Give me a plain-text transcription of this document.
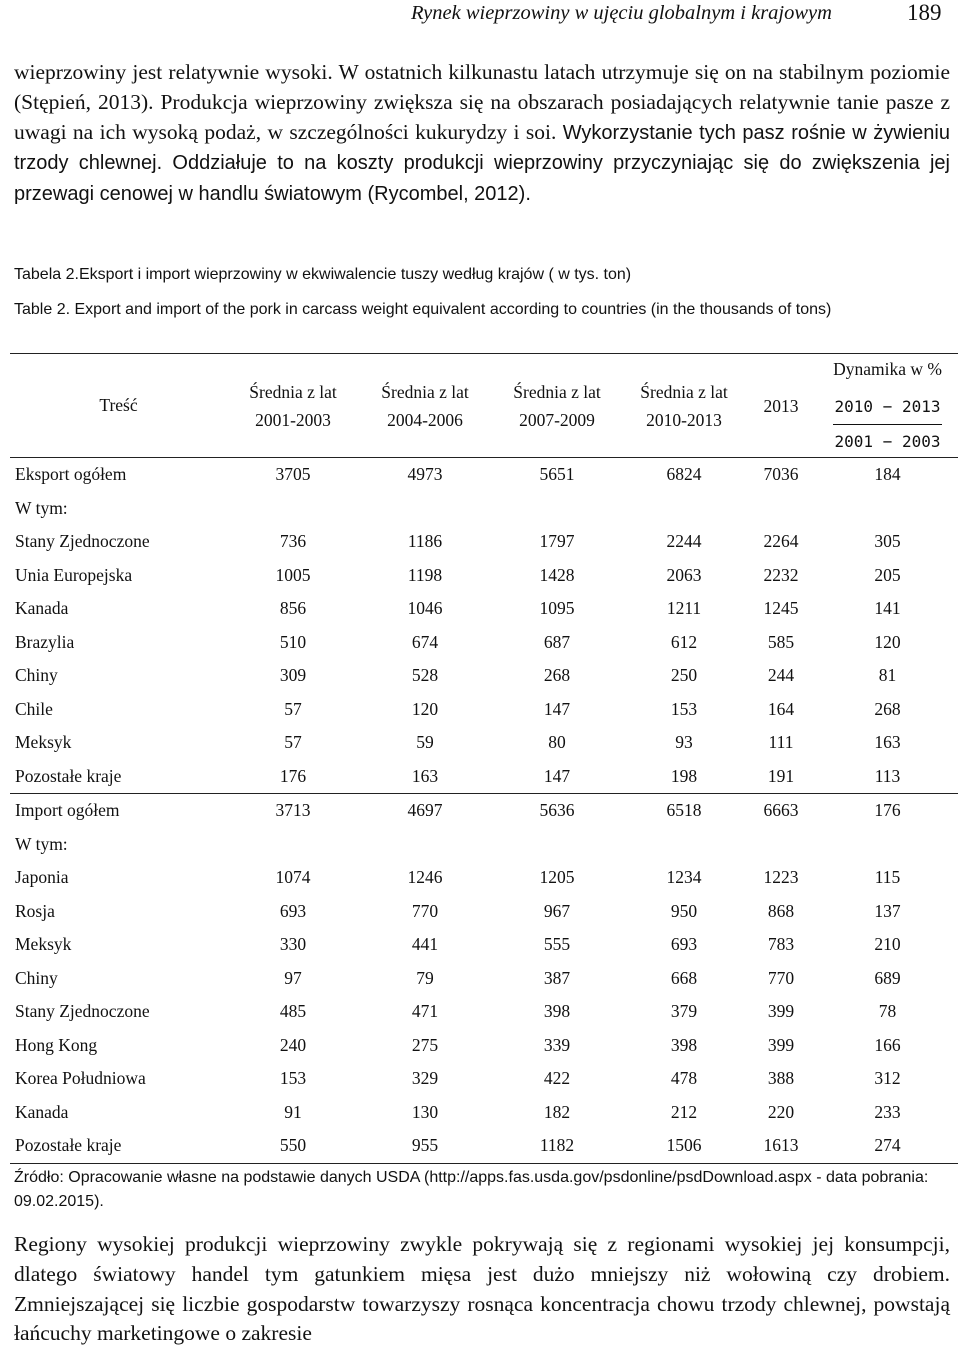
Rynek wieprzowiny w ujęciu globalnym i krajowym	189

wieprzowiny jest relatywnie wysoki. W ostatnich kilkunastu latach utrzymuje się on na stabilnym poziomie (Stępień, 2013). Produkcja wieprzowiny zwiększa się na obszarach posiadających relatywnie tanie pasze z uwagi na ich wysoką podaż, w szczególności kukurydzy i soi. Wykorzystanie tych pasz rośnie w żywieniu trzody chlewnej. Oddziałuje to na koszty produkcji wieprzowiny przyczyniając się do zwiększenia jej przewagi cenowej w handlu światowym (Rycombel, 2012).

Tabela 2.Eksport i import wieprzowiny w ekwiwalencie tuszy według krajów ( w tys. ton)

Table 2. Export and import of the pork in carcass weight equivalent according to countries (in the thousands of tons)

Treść	Średnia z lat 2001-2003	Średnia z lat 2004-2006	Średnia z lat 2007-2009	Średnia z lat 2010-2013	2013	Dynamika w %
$\frac{2010 - 2013}{2001 - 2003}$

Eksport ogółem	3705	4973	5651	6824	7036	184
W tym:						
Stany Zjednoczone	736	1186	1797	2244	2264	305
Unia Europejska	1005	1198	1428	2063	2232	205
Kanada	856	1046	1095	1211	1245	141
Brazylia	510	674	687	612	585	120
Chiny	309	528	268	250	244	81
Chile	57	120	147	153	164	268
Meksyk	57	59	80	93	111	163
Pozostałe kraje	176	163	147	198	191	113
Import ogółem	3713	4697	5636	6518	6663	176
W tym:						
Japonia	1074	1246	1205	1234	1223	115
Rosja	693	770	967	950	868	137
Meksyk	330	441	555	693	783	210
Chiny	97	79	387	668	770	689
Stany Zjednoczone	485	471	398	379	399	78
Hong Kong	240	275	339	398	399	166
Korea Południowa	153	329	422	478	388	312
Kanada	91	130	182	212	220	233
Pozostałe kraje	550	955	1182	1506	1613	274

Źródło: Opracowanie własne na podstawie danych USDA (http://apps.fas.usda.gov/psdonline/psdDownload.aspx - data pobrania: 09.02.2015).

Regiony wysokiej produkcji wieprzowiny zwykle pokrywają się z regionami wysokiej jej konsumpcji, dlatego światowy handel tym gatunkiem mięsa jest dużo mniejszy niż wołowiną czy drobiem. Zmniejszającej się liczbie gospodarstw towarzyszy rosnąca koncentracja chowu trzody chlewnej, powstają łańcuchy marketingowe o zakresie
